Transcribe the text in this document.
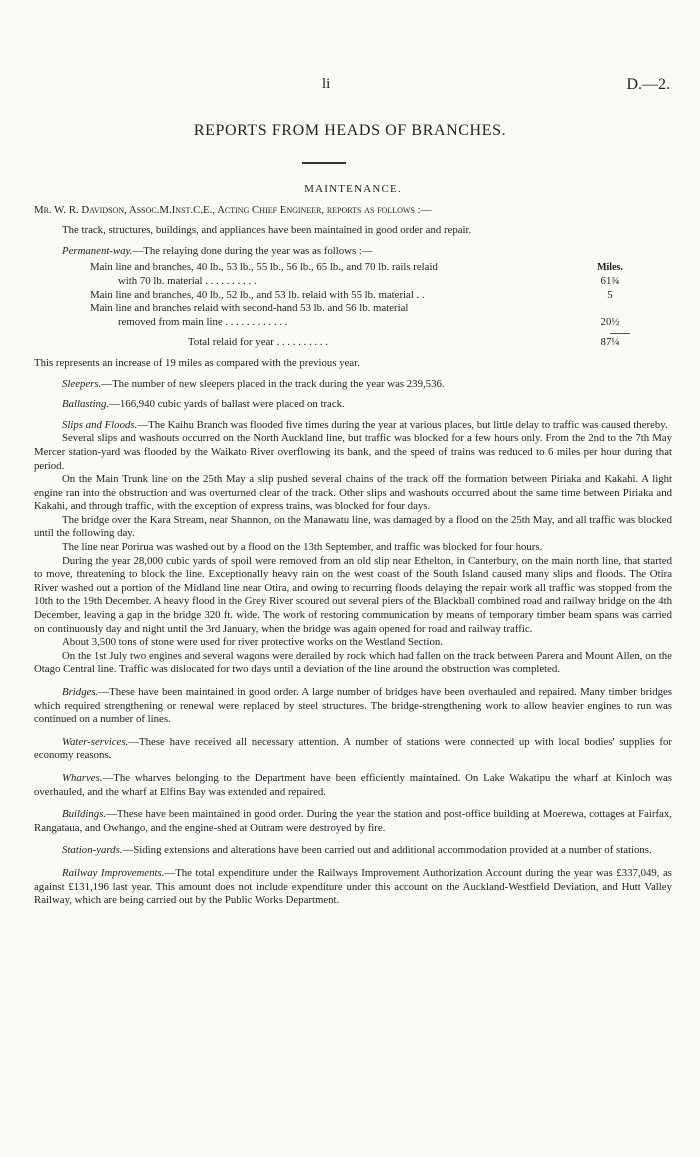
li	D.—2.
REPORTS FROM HEADS OF BRANCHES.
MAINTENANCE.

Mr. W. R. Davidson, Assoc.M.Inst.C.E., Acting Chief Engineer, reports as follows :—

The track, structures, buildings, and appliances have been maintained in good order and repair.

Permanent-way.—The relaying done during the year was as follows :—

Main line and branches, 40 lb., 53 lb., 55 lb., 56 lb., 65 lb., and 70 lb. rails relaid	Miles.
with 70 lb. material . . . . . . . . . .	61¾
Main line and branches, 40 lb., 52 lb., and 53 lb. relaid with 55 lb. material . .	5
Main line and branches relaid with second-hand 53 lb. and 56 lb. material
removed from main line . . . . . . . . . . . .	20½
Total relaid for year . . . . . . . . . .	87¼

This represents an increase of 19 miles as compared with the previous year.

Sleepers.—The number of new sleepers placed in the track during the year was 239,536.

Ballasting.—166,940 cubic yards of ballast were placed on track.

Slips and Floods.—The Kaihu Branch was flooded five times during the year at various places, but little delay to traffic was caused thereby.

Several slips and washouts occurred on the North Auckland line, but traffic was blocked for a few hours only. From the 2nd to the 7th May Mercer station-yard was flooded by the Waikato River overflowing its bank, and the speed of trains was reduced to 6 miles per hour during that period.

On the Main Trunk line on the 25th May a slip pushed several chains of the track off the formation between Piriaka and Kakahi. A light engine ran into the obstruction and was overturned clear of the track. Other slips and washouts occurred about the same time between Piriaka and Kakahi, and through traffic, with the exception of express trains, was blocked for four days.

The bridge over the Kara Stream, near Shannon, on the Manawatu line, was damaged by a flood on the 25th May, and all traffic was blocked until the following day.

The line near Porirua was washed out by a flood on the 13th September, and traffic was blocked for four hours.

During the year 28,000 cubic yards of spoil were removed from an old slip near Ethelton, in Canterbury, on the main north line, that started to move, threatening to block the line. Exceptionally heavy rain on the west coast of the South Island caused many slips and floods. The Otira River washed out a portion of the Midland line near Otira, and owing to recurring floods delaying the repair work all traffic was stopped from the 10th to the 19th December. A heavy flood in the Grey River scoured out several piers of the Blackball combined road and railway bridge on the 4th December, leaving a gap in the bridge 320 ft. wide. The work of restoring communication by means of temporary timber beam spans was carried on continuously day and night until the 3rd January, when the bridge was again opened for road and railway traffic.

About 3,500 tons of stone were used for river protective works on the Westland Section.

On the 1st July two engines and several wagons were derailed by rock which had fallen on the track between Parera and Mount Allen, on the Otago Central line. Traffic was dislocated for two days until a deviation of the line around the obstruction was completed.

Bridges.—These have been maintained in good order. A large number of bridges have been overhauled and repaired. Many timber bridges which required strengthening or renewal were replaced by steel structures. The bridge-strengthening work to allow heavier engines to run was continued on a number of lines.

Water-services.—These have received all necessary attention. A number of stations were connected up with local bodies' supplies for economy reasons.

Wharves.—The wharves belonging to the Department have been efficiently maintained. On Lake Wakatipu the wharf at Kinloch was overhauled, and the wharf at Elfins Bay was extended and repaired.

Buildings.—These have been maintained in good order. During the year the station and post-office building at Moerewa, cottages at Fairfax, Rangataua, and Owhango, and the engine-shed at Outram were destroyed by fire.

Station-yards.—Siding extensions and alterations have been carried out and additional accommodation provided at a number of stations.

Railway Improvements.—The total expenditure under the Railways Improvement Authorization Account during the year was £337,049, as against £131,196 last year. This amount does not include expenditure under this account on the Auckland-Westfield Deviation, and Hutt Valley Railway, which are being carried out by the Public Works Department.
